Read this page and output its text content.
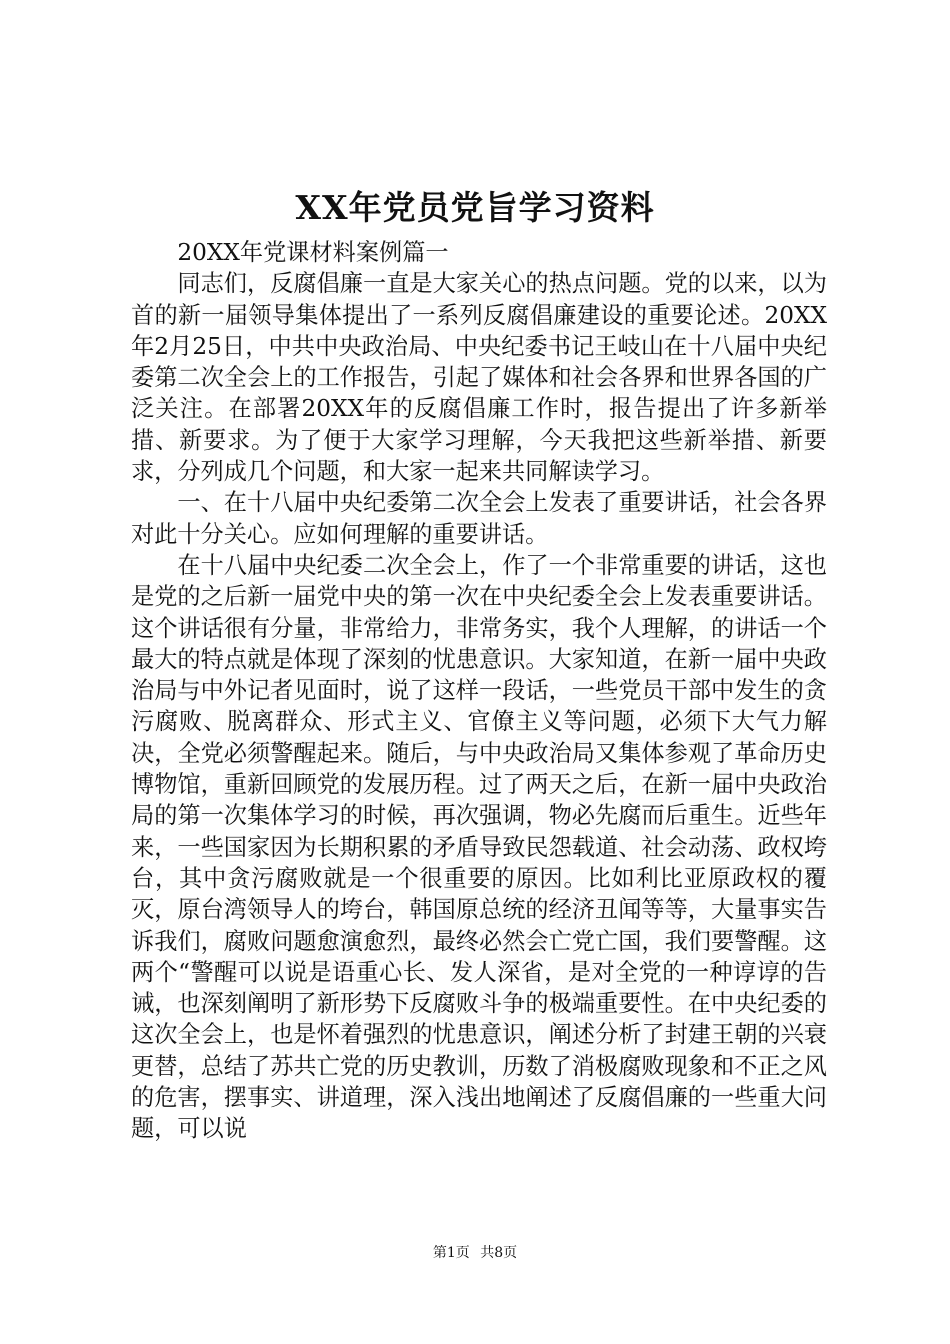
XX年党员党旨学习资料

20XX年党课材料案例篇一

同志们，反腐倡廉一直是大家关心的热点问题。党的以来，以为首的新一届领导集体提出了一系列反腐倡廉建设的重要论述。20XX年2月25日，中共中央政治局、中央纪委书记王岐山在十八届中央纪委第二次全会上的工作报告，引起了媒体和社会各界和世界各国的广泛关注。在部署20XX年的反腐倡廉工作时，报告提出了许多新举措、新要求。为了便于大家学习理解，今天我把这些新举措、新要求，分列成几个问题，和大家一起来共同解读学习。

一、在十八届中央纪委第二次全会上发表了重要讲话，社会各界对此十分关心。应如何理解的重要讲话。

在十八届中央纪委二次全会上，作了一个非常重要的讲话，这也是党的之后新一届党中央的第一次在中央纪委全会上发表重要讲话。这个讲话很有分量，非常给力，非常务实，我个人理解，的讲话一个最大的特点就是体现了深刻的忧患意识。大家知道，在新一届中央政治局与中外记者见面时，说了这样一段话，一些党员干部中发生的贪污腐败、脱离群众、形式主义、官僚主义等问题，必须下大气力解决，全党必须警醒起来。随后，与中央政治局又集体参观了革命历史博物馆，重新回顾党的发展历程。过了两天之后，在新一届中央政治局的第一次集体学习的时候，再次强调，物必先腐而后重生。近些年来，一些国家因为长期积累的矛盾导致民怨载道、社会动荡、政权垮台，其中贪污腐败就是一个很重要的原因。比如利比亚原政权的覆灭，原台湾领导人的垮台，韩国原总统的经济丑闻等等，大量事实告诉我们，腐败问题愈演愈烈，最终必然会亡党亡国，我们要警醒。这两个“警醒可以说是语重心长、发人深省，是对全党的一种谆谆的告诫，也深刻阐明了新形势下反腐败斗争的极端重要性。在中央纪委的这次全会上，也是怀着强烈的忧患意识，阐述分析了封建王朝的兴衰更替，总结了苏共亡党的历史教训，历数了消极腐败现象和不正之风的危害，摆事实、讲道理，深入浅出地阐述了反腐倡廉的一些重大问题，可以说

第1页 共8页
